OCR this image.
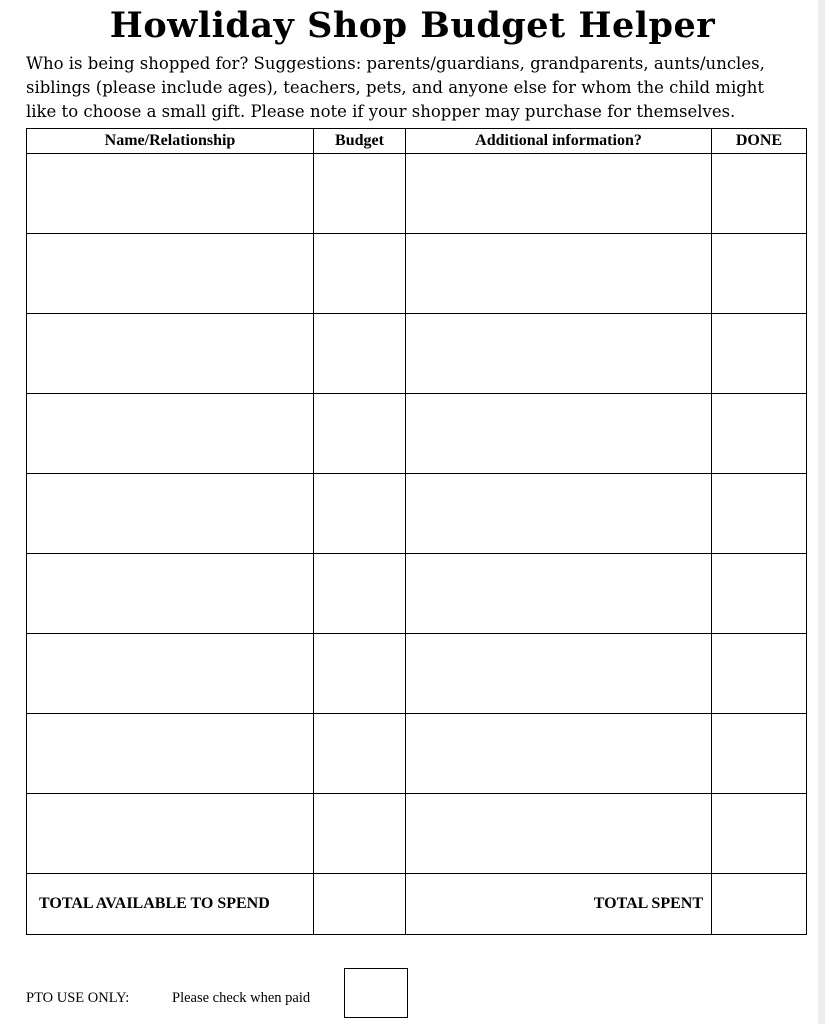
Howliday Shop Budget Helper
Who is being shopped for? Suggestions: parents/guardians, grandparents, aunts/uncles,
siblings (please include ages), teachers, pets, and anyone else for whom the child might
like to choose a small gift. Please note if your shopper may purchase for themselves.
Name/Relationship	Budget	Additional information?	DONE

TOTAL AVAILABLE TO SPEND		TOTAL SPENT	
PTO USE ONLY:	Please check when paid
